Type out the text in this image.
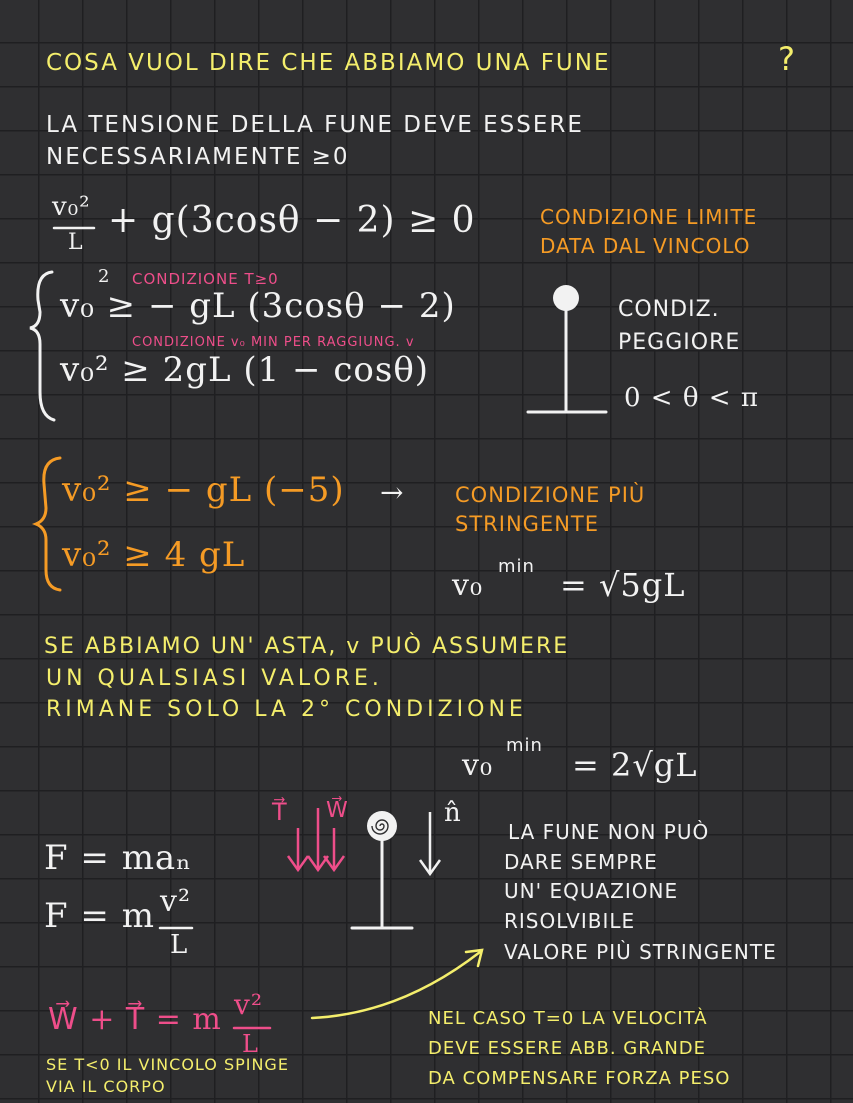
COSA VUOL DIRE CHE ABBIAMO UNA FUNE	?
LA TENSIONE DELLA FUNE DEVE ESSERE
NECESSARIAMENTE ≥0
v₀²
L
+ g(3cosθ − 2) ≥ 0	CONDIZIONE LIMITE
DATA DAL VINCOLO
2 CONDIZIONE T≥0
v₀ ≥ − gL (3cosθ − 2)
CONDIZIONE v₀ MIN PER RAGGIUNG. v
v₀² ≥ 2gL (1 − cosθ)
CONDIZ.
PEGGIORE
0 < θ < π
v₀² ≥ − gL (−5) →
v₀² ≥ 4 gL
CONDIZIONE PIÙ
STRINGENTE
v₀
min = √5gL
SE ABBIAMO UN' ASTA, v PUÒ ASSUMERE
UN QUALSIASI VALORE.
RIMANE SOLO LA 2° CONDIZIONE
v₀
min
= 2√gL
T⃗ W⃗	n̂
F = maₙ
F = m v²
L
LA FUNE NON PUÒ
DARE SEMPRE
UN' EQUAZIONE
RISOLVIBILE
VALORE PIÙ STRINGENTE
W⃗ + T⃗ = m v²
L
NEL CASO T=0 LA VELOCITÀ
DEVE ESSERE ABB. GRANDE
DA COMPENSARE FORZA PESO
SE T<0 IL VINCOLO SPINGE
VIA IL CORPO
